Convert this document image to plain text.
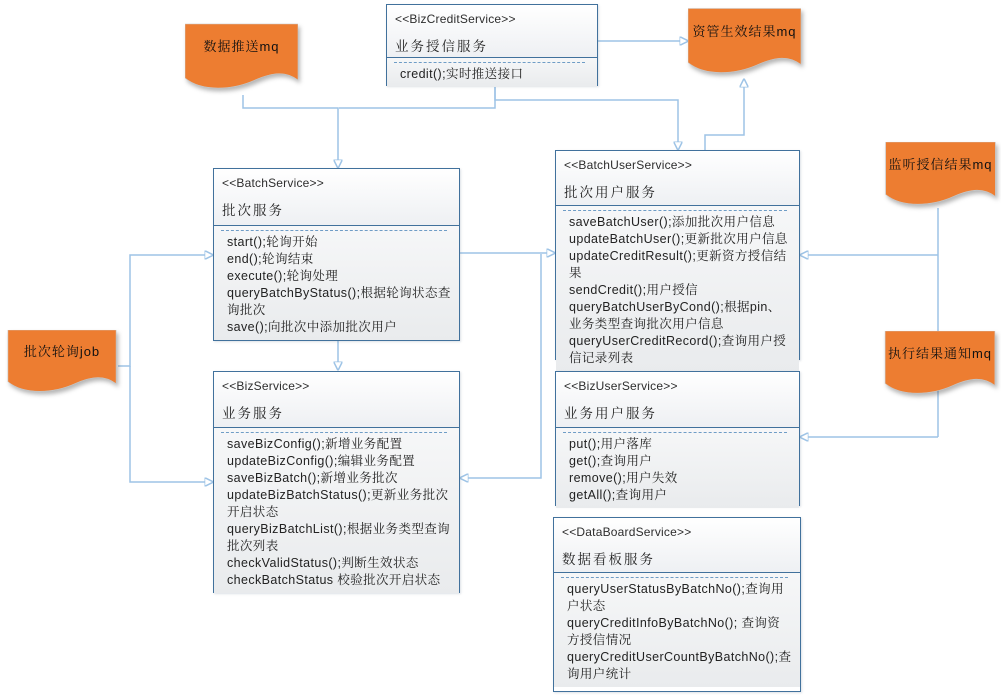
<<BizCreditService>>
业务授信服务
credit();实时推送接口
<<BatchService>>
批次服务
start();轮询开始
end();轮询结束
execute();轮询处理
queryBatchByStatus();根据轮询状态查询批次
save();向批次中添加批次用户
<<BatchUserService>>
批次用户服务
saveBatchUser();添加批次用户信息
updateBatchUser();更新批次用户信息
updateCreditResult();更新资方授信结果
sendCredit();用户授信
queryBatchUserByCond();根据pin、业务类型查询批次用户信息
queryUserCreditRecord();查询用户授信记录列表
<<BizService>>
业务服务
saveBizConfig();新增业务配置
updateBizConfig();编辑业务配置
saveBizBatch();新增业务批次
updateBizBatchStatus();更新业务批次开启状态
queryBizBatchList();根据业务类型查询批次列表
checkValidStatus();判断生效状态
checkBatchStatus 校验批次开启状态
<<BizUserService>>
业务用户服务
put();用户落库
get();查询用户
remove();用户失效
getAll();查询用户
<<DataBoardService>>
数据看板服务
queryUserStatusByBatchNo();查询用户状态
queryCreditInfoByBatchNo(); 查询资方授信情况
queryCreditUserCountByBatchNo();查询用户统计
数据推送mq
资管生效结果mq
监听授信结果mq
执行结果通知mq
批次轮询job
